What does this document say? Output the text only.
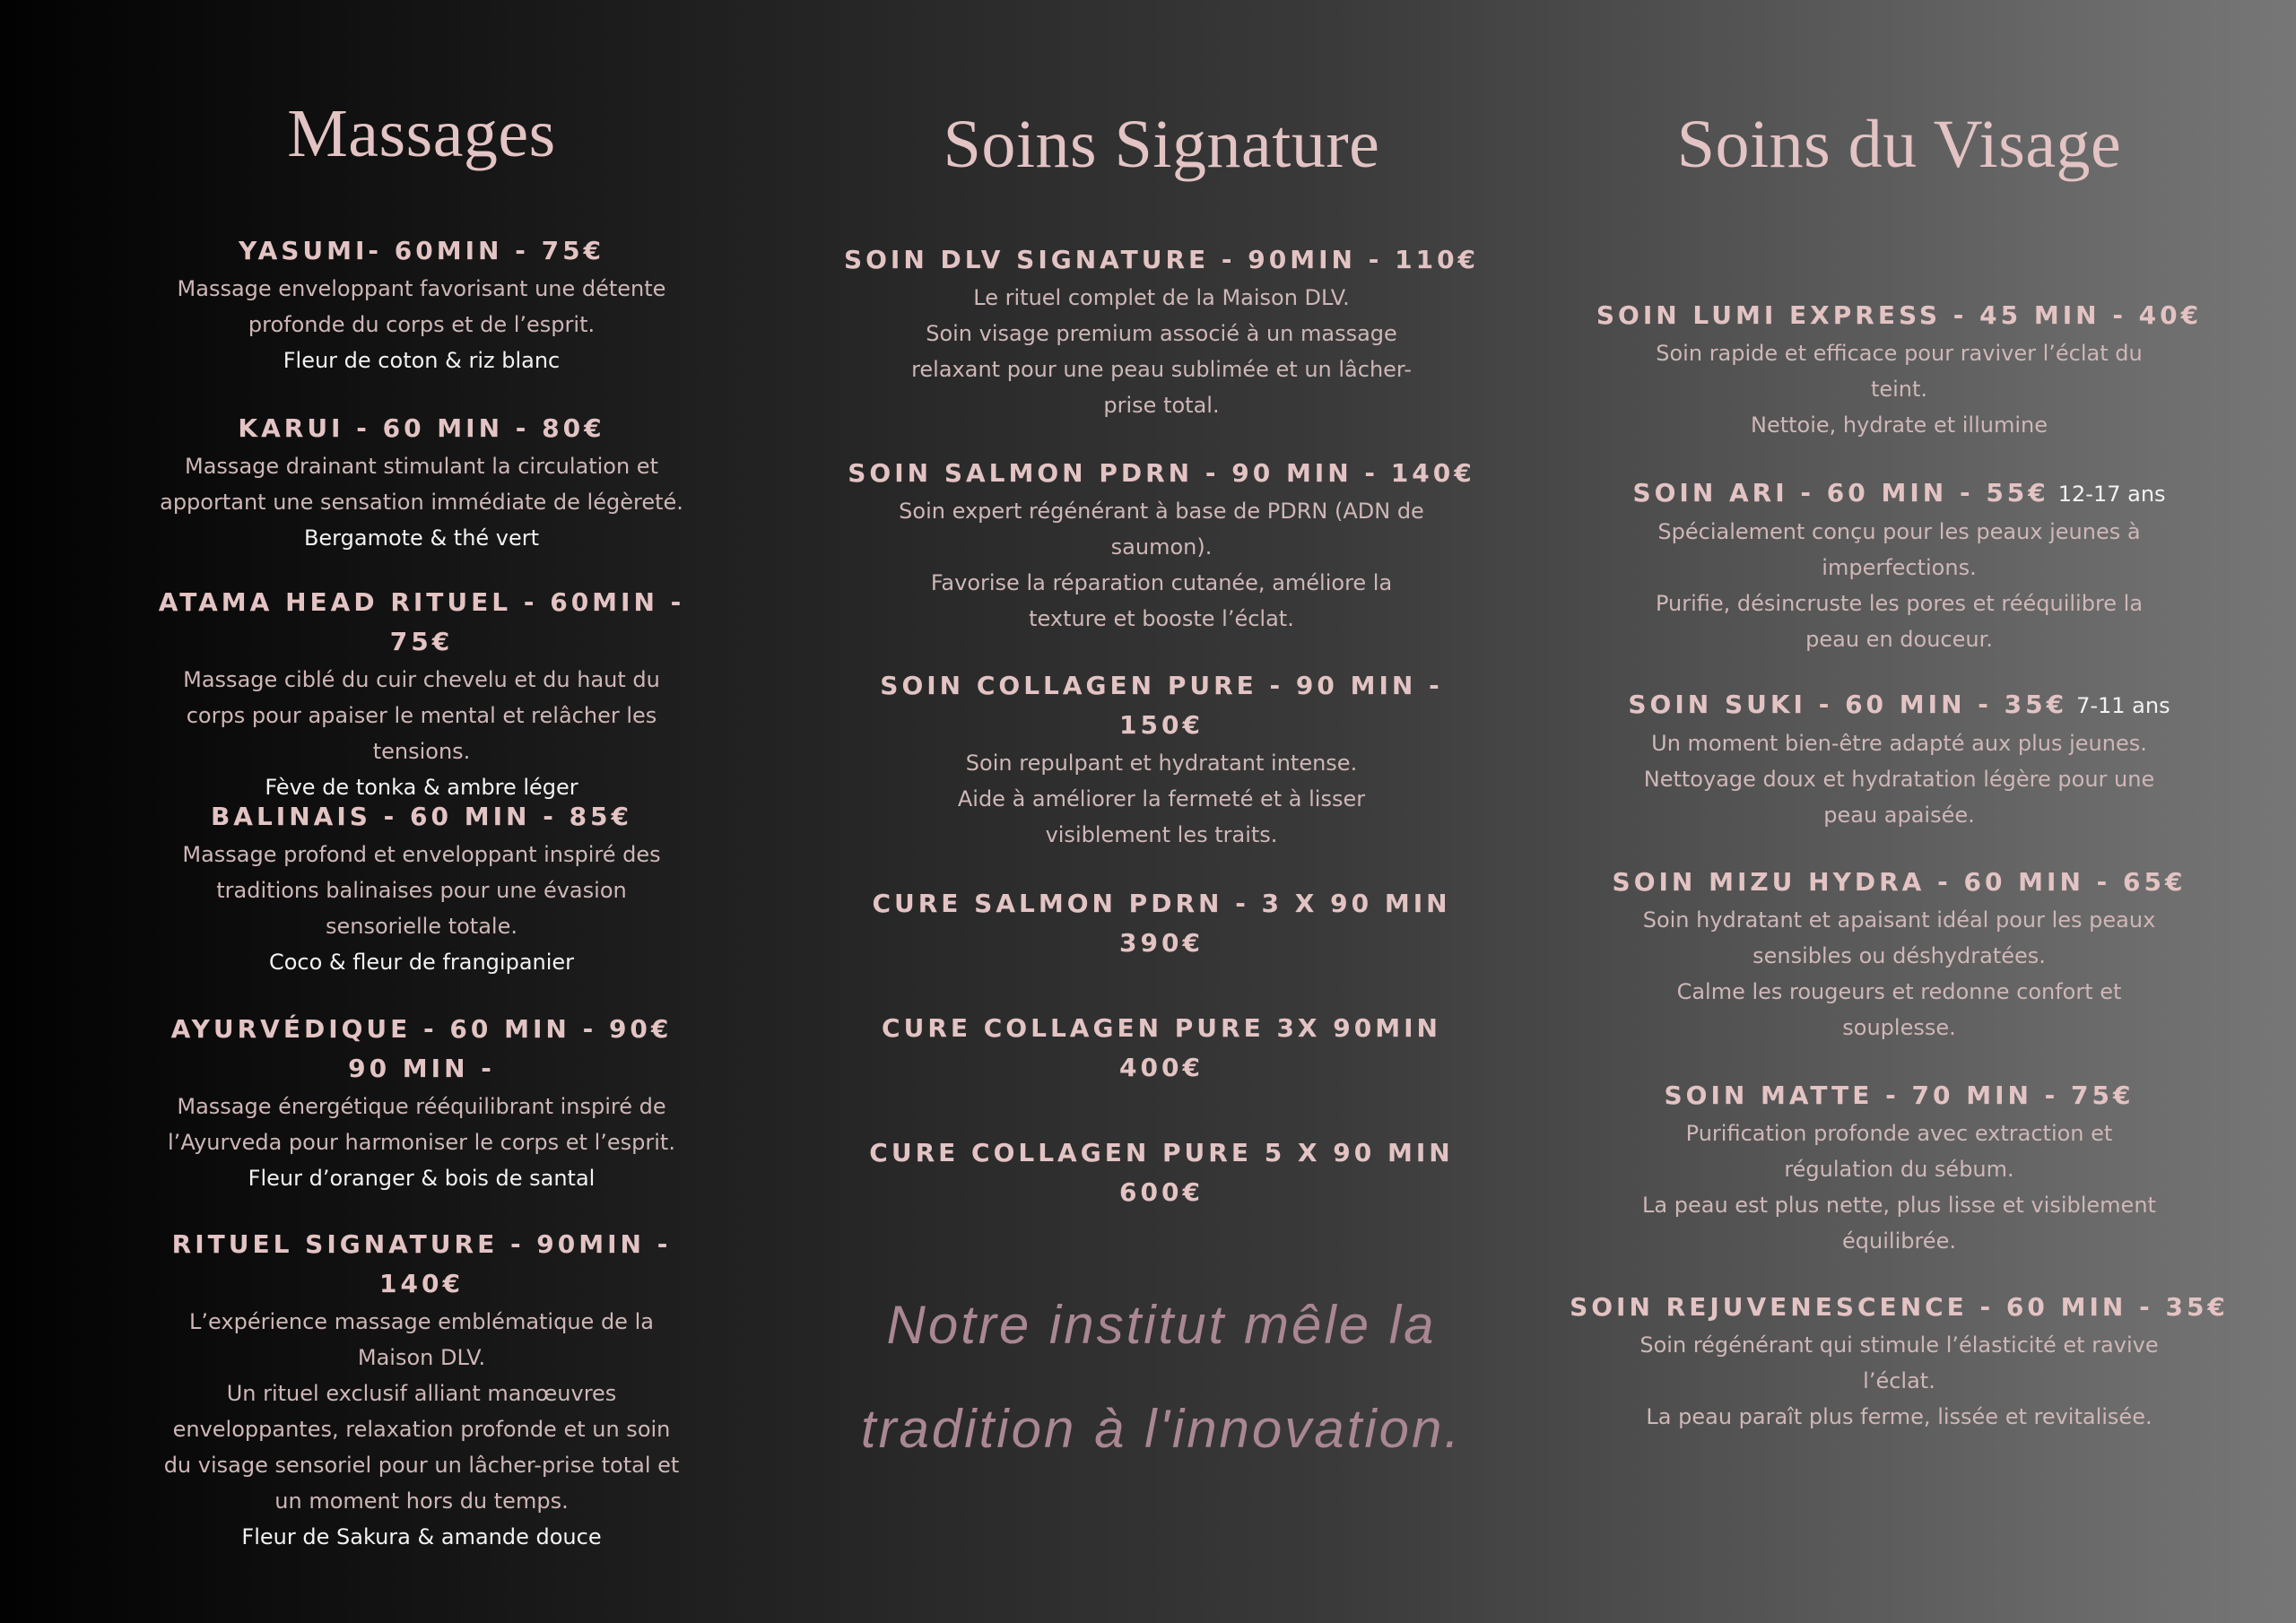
Massages

YASUMI- 60MIN - 75€

Massage enveloppant favorisant une détente

profonde du corps et de l’esprit.

Fleur de coton & riz blanc

KARUI - 60 MIN - 80€

Massage drainant stimulant la circulation et

apportant une sensation immédiate de légèreté.

Bergamote & thé vert

ATAMA HEAD RITUEL - 60MIN - 75€

Massage ciblé du cuir chevelu et du haut du

corps pour apaiser le mental et relâcher les

tensions.

Fève de tonka & ambre léger

BALINAIS - 60 MIN - 85€

Massage profond et enveloppant inspiré des

traditions balinaises pour une évasion

sensorielle totale.

Coco & fleur de frangipanier

AYURVÉDIQUE - 60 MIN - 90€

90 MIN -

Massage énergétique rééquilibrant inspiré de

l’Ayurveda pour harmoniser le corps et l’esprit.

Fleur d’oranger & bois de santal

RITUEL SIGNATURE - 90MIN - 140€

L’expérience massage emblématique de la

Maison DLV.

Un rituel exclusif alliant manœuvres

enveloppantes, relaxation profonde et un soin

du visage sensoriel pour un lâcher-prise total et

un moment hors du temps.

Fleur de Sakura & amande douce

Soins Signature

SOIN DLV SIGNATURE - 90MIN - 110€

Le rituel complet de la Maison DLV.

Soin visage premium associé à un massage

relaxant pour une peau sublimée et un lâcher-

prise total.

SOIN SALMON PDRN - 90 MIN - 140€

Soin expert régénérant à base de PDRN (ADN de

saumon).

Favorise la réparation cutanée, améliore la

texture et booste l’éclat.

SOIN COLLAGEN PURE - 90 MIN - 150€

Soin repulpant et hydratant intense.

Aide à améliorer la fermeté et à lisser

visiblement les traits.

CURE SALMON PDRN - 3 X 90 MIN

390€

CURE COLLAGEN PURE 3X 90MIN

400€

CURE COLLAGEN PURE 5 X 90 MIN

600€

Notre institut mêle la
tradition à l'innovation.
Soins du Visage

SOIN LUMI EXPRESS - 45 MIN - 40€

Soin rapide et efficace pour raviver l’éclat du

teint.

Nettoie, hydrate et illumine

SOIN ARI - 60 MIN - 55€ 12-17 ans

Spécialement conçu pour les peaux jeunes à

imperfections.

Purifie, désincruste les pores et rééquilibre la

peau en douceur.

SOIN SUKI - 60 MIN - 35€ 7-11 ans

Un moment bien-être adapté aux plus jeunes.

Nettoyage doux et hydratation légère pour une

peau apaisée.

SOIN MIZU HYDRA - 60 MIN - 65€

Soin hydratant et apaisant idéal pour les peaux

sensibles ou déshydratées.

Calme les rougeurs et redonne confort et

souplesse.

SOIN MATTE - 70 MIN - 75€

Purification profonde avec extraction et

régulation du sébum.

La peau est plus nette, plus lisse et visiblement

équilibrée.

SOIN REJUVENESCENCE - 60 MIN - 35€

Soin régénérant qui stimule l’élasticité et ravive

l’éclat.

La peau paraît plus ferme, lissée et revitalisée.
